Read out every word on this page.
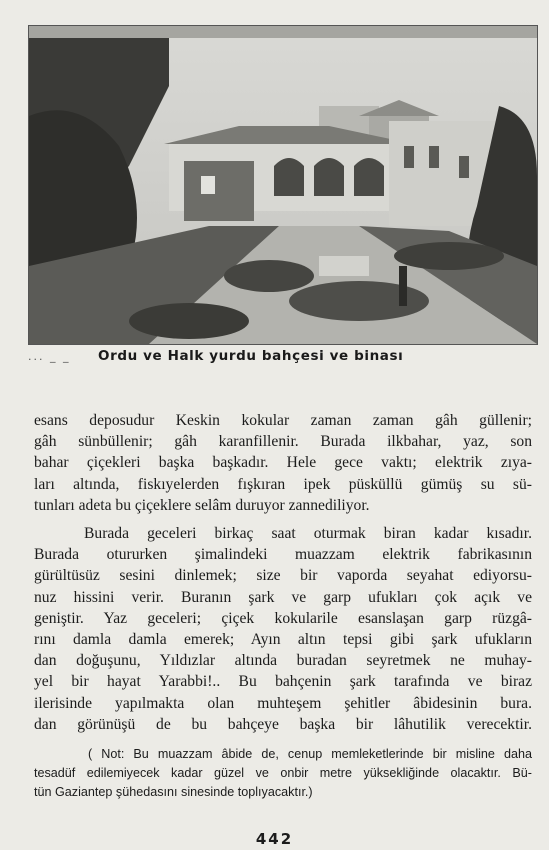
... _ _	Ordu ve Halk yurdu bahçesi ve binası

esans deposudur Keskin kokular zaman zaman gâh güllenir;
gâh sünbüllenir; gâh karanfillenir. Burada ilkbahar, yaz, son
bahar çiçekleri başka başkadır. Hele gece vaktı; elektrik zıya-
ları altında, fiskıyelerden fışkıran ipek püsküllü gümüş su sü-
tunları adeta bu çiçeklere selâm duruyor zannediliyor.

Burada geceleri birkaç saat oturmak biran kadar kısadır.
Burada otururken şimalindeki muazzam elektrik fabrikasının
gürültüsüz sesini dinlemek; size bir vaporda seyahat ediyorsu-
nuz hissini verir. Buranın şark ve garp ufukları çok açık ve
geniştir. Yaz geceleri; çiçek kokularile esanslaşan garp rüzgâ-
rını damla damla emerek; Ayın altın tepsi gibi şark ufukların
dan doğuşunu, Yıldızlar altında buradan seyretmek ne muhay-
yel bir hayat Yarabbi!.. Bu bahçenin şark tarafında ve biraz
ilerisinde yapılmakta olan muhteşem şehitler âbidesinin bura.
dan görünüşü de bu bahçeye başka bir lâhutilik verecektir.

( Not: Bu muazzam âbide de, cenup memleketlerinde bir misline daha
tesadüf edilemiyecek kadar güzel ve onbir metre yüksekliğinde olacaktır. Bü-
tün Gaziantep şühedasını sinesinde toplıyacaktır.)
442
